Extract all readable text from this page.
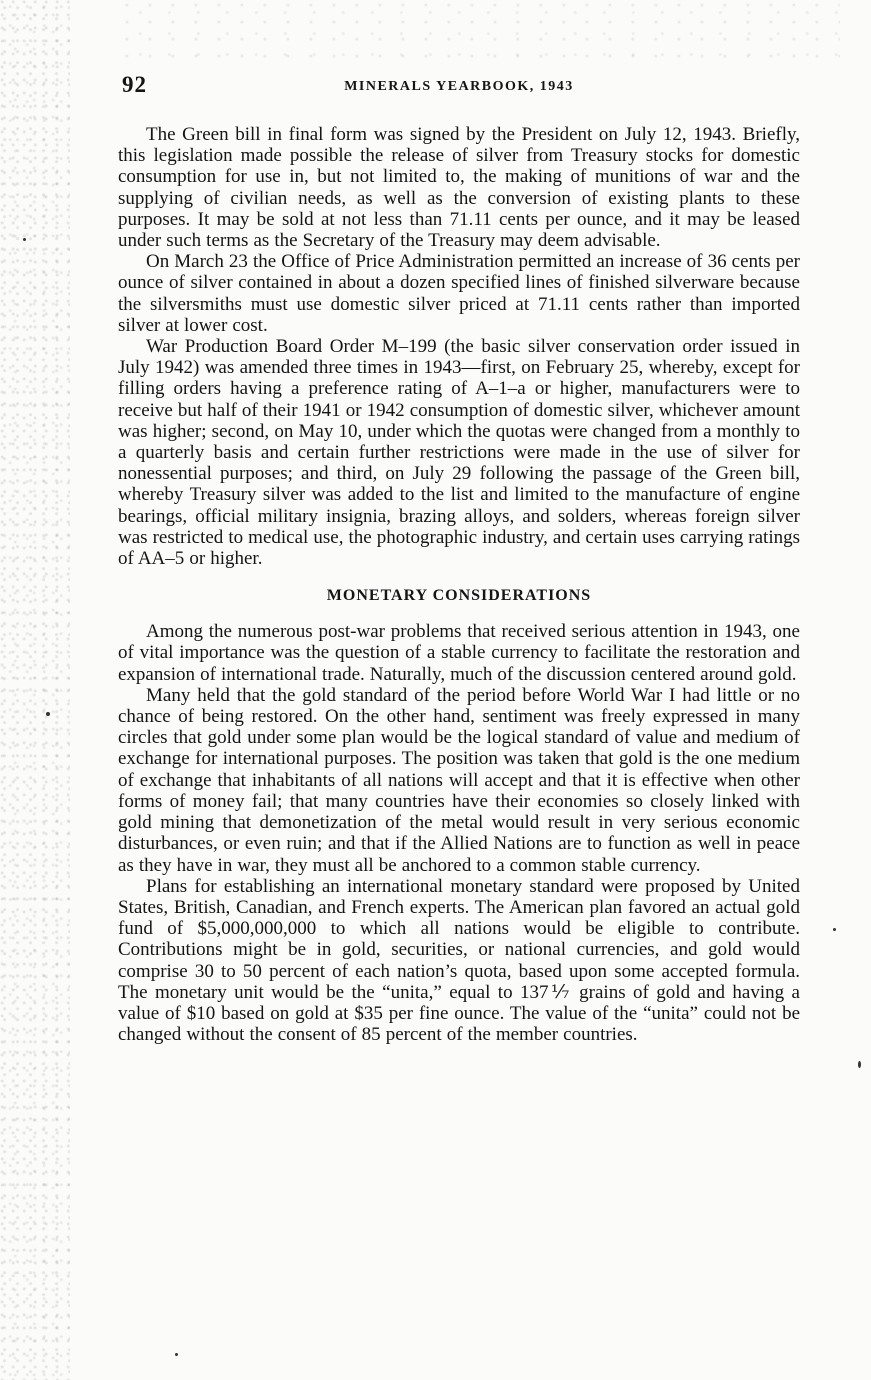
92	MINERALS YEARBOOK, 1943

The Green bill in final form was signed by the President on July 12, 1943. Briefly, this legislation made possible the release of silver from Treasury stocks for domestic consumption for use in, but not limited to, the making of munitions of war and the supplying of civilian needs, as well as the conversion of existing plants to these purposes. It may be sold at not less than 71.11 cents per ounce, and it may be leased under such terms as the Secretary of the Treasury may deem advisable.

On March 23 the Office of Price Administration permitted an increase of 36 cents per ounce of silver contained in about a dozen specified lines of finished silverware because the silversmiths must use domestic silver priced at 71.11 cents rather than imported silver at lower cost.

War Production Board Order M–199 (the basic silver conservation order issued in July 1942) was amended three times in 1943—first, on February 25, whereby, except for filling orders having a preference rating of A–1–a or higher, manufacturers were to receive but half of their 1941 or 1942 consumption of domestic silver, whichever amount was higher; second, on May 10, under which the quotas were changed from a monthly to a quarterly basis and certain further restrictions were made in the use of silver for nonessential purposes; and third, on July 29 following the passage of the Green bill, whereby Treasury silver was added to the list and limited to the manufacture of engine bearings, official military insignia, brazing alloys, and solders, whereas foreign silver was restricted to medical use, the photographic industry, and certain uses carrying ratings of AA–5 or higher.

MONETARY CONSIDERATIONS

Among the numerous post-war problems that received serious attention in 1943, one of vital importance was the question of a stable currency to facilitate the restoration and expansion of international trade. Naturally, much of the discussion centered around gold.

Many held that the gold standard of the period before World War I had little or no chance of being restored. On the other hand, sentiment was freely expressed in many circles that gold under some plan would be the logical standard of value and medium of exchange for international purposes. The position was taken that gold is the one medium of exchange that inhabitants of all nations will accept and that it is effective when other forms of money fail; that many countries have their economies so closely linked with gold mining that demonetization of the metal would result in very serious economic disturbances, or even ruin; and that if the Allied Nations are to function as well in peace as they have in war, they must all be anchored to a common stable currency.

Plans for establishing an international monetary standard were proposed by United States, British, Canadian, and French experts. The American plan favored an actual gold fund of $5,000,000,000 to which all nations would be eligible to contribute. Contributions might be in gold, securities, or national currencies, and gold would comprise 30 to 50 percent of each nation’s quota, based upon some accepted formula. The monetary unit would be the “unita,” equal to 137⅐ grains of gold and having a value of $10 based on gold at $35 per fine ounce. The value of the “unita” could not be changed without the consent of 85 percent of the member countries.
